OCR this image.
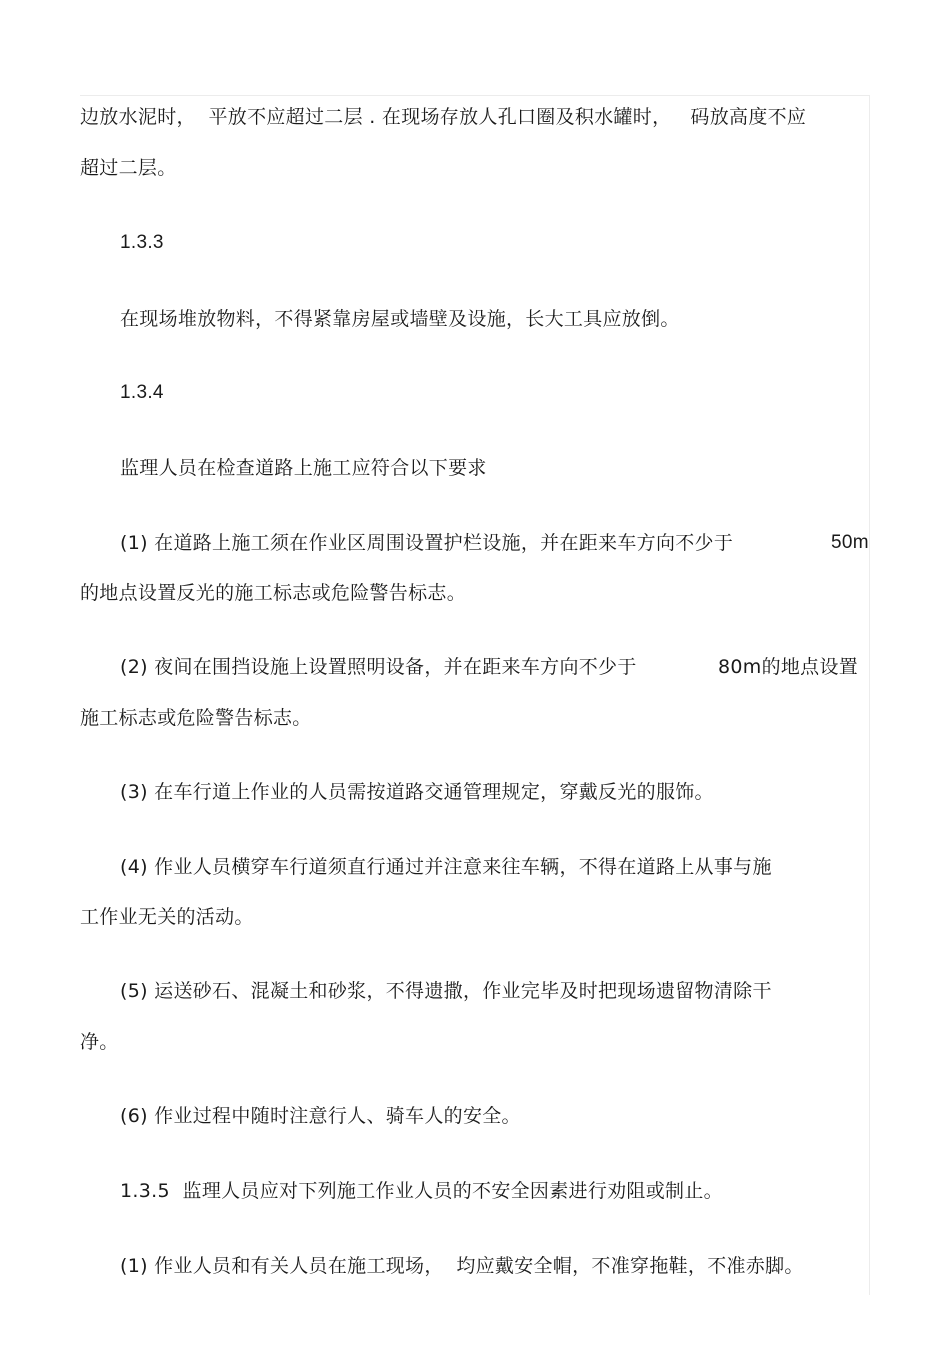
边放水泥时，  平放不应超过二层 . 在现场存放人孔口圈及积水罐时，   码放高度不应
超过二层。
1.3.3
在现场堆放物料，不得紧靠房屋或墙壁及设施，长大工具应放倒。
1.3.4
监理人员在检查道路上施工应符合以下要求
(1) 在道路上施工须在作业区周围设置护栏设施，并在距来车方向不少于	50m
的地点设置反光的施工标志或危险警告标志。
(2) 夜间在围挡设施上设置照明设备，并在距来车方向不少于	80m的地点设置
施工标志或危险警告标志。
(3) 在车行道上作业的人员需按道路交通管理规定，穿戴反光的服饰。
(4) 作业人员横穿车行道须直行通过并注意来往车辆，不得在道路上从事与施
工作业无关的活动。
(5) 运送砂石、混凝土和砂浆，不得遗撒，作业完毕及时把现场遗留物清除干
净。
(6) 作业过程中随时注意行人、骑车人的安全。
1.3.5  监理人员应对下列施工作业人员的不安全因素进行劝阻或制止。
(1) 作业人员和有关人员在施工现场，  均应戴安全帽，不准穿拖鞋，不准赤脚。
